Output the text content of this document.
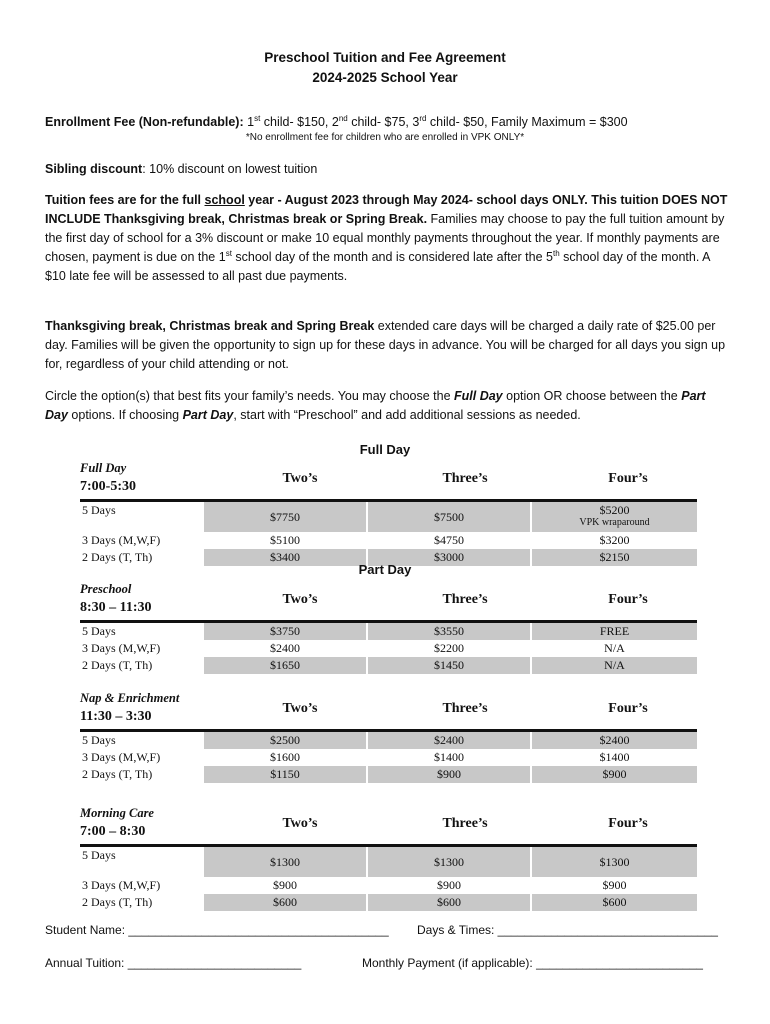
Preschool Tuition and Fee Agreement
2024-2025 School Year
Enrollment Fee (Non-refundable): 1st child- $150, 2nd child- $75, 3rd child- $50, Family Maximum = $300
*No enrollment fee for children who are enrolled in VPK ONLY*
Sibling discount: 10% discount on lowest tuition
Tuition fees are for the full school year - August 2023 through May 2024- school days ONLY. This tuition DOES NOT INCLUDE Thanksgiving break, Christmas break or Spring Break. Families may choose to pay the full tuition amount by the first day of school for a 3% discount or make 10 equal monthly payments throughout the year. If monthly payments are chosen, payment is due on the 1st school day of the month and is considered late after the 5th school day of the month. A $10 late fee will be assessed to all past due payments.
Thanksgiving break, Christmas break and Spring Break extended care days will be charged a daily rate of $25.00 per day. Families will be given the opportunity to sign up for these days in advance. You will be charged for all days you sign up for, regardless of your child attending or not.
Circle the option(s) that best fits your family’s needs. You may choose the Full Day option OR choose between the Part Day options. If choosing Part Day, start with “Preschool” and add additional sessions as needed.
Full Day
Full Day
7:00-5:30
Two’s	Three’s	Four’s
5 Days	$7750	$7500	$5200
VPK wraparound
3 Days (M,W,F)	$5100	$4750	$3200
2 Days (T, Th)	$3400	$3000	$2150
Part Day
Preschool
8:30 – 11:30
Two’s	Three’s	Four’s
5 Days	$3750	$3550	FREE
3 Days (M,W,F)	$2400	$2200	N/A
2 Days (T, Th)	$1650	$1450	N/A
Nap & Enrichment
11:30 – 3:30
Two’s	Three’s	Four’s
5 Days	$2500	$2400	$2400
3 Days (M,W,F)	$1600	$1400	$1400
2 Days (T, Th)	$1150	$900	$900
Morning Care
7:00 – 8:30
Two’s	Three’s	Four’s
5 Days	$1300	$1300	$1300
3 Days (M,W,F)	$900	$900	$900
2 Days (T, Th)	$600	$600	$600
Student Name: _______________________________________ Days & Times: _________________________________
Annual Tuition: __________________________	Monthly Payment (if applicable): _________________________
